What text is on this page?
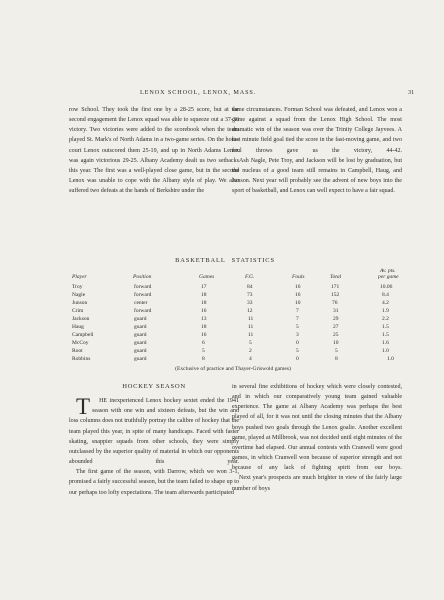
LENOX SCHOOL, LENOX, MASS.	31

row School. They took the first one by a 28-25 score, but at the second engagement the Lenox squad was able to squeeze out a 37-36 victory. Two victories were added to the scorebook when the team played St. Mark's of North Adams in a two-game series. On the home court Lenox outscored them 25-19, and up in North Adams Lenox was again victorious 29-25. Albany Academy dealt us two setbacks this year. The first was a well-played close game, but in the second Lenox was unable to cope with the Albany style of play. We also suffered two defeats at the hands of Berkshire under the

same circumstances. Forman School was defeated, and Lenox won a game against a squad from the Lenox High School. The most dramatic win of the season was over the Trinity College Jayvees. A last minute field goal tied the score in the fast-moving game, and two foul throws gave us the victory, 44-42.

Ash Nagle, Pete Troy, and Jackson will be lost by graduation, but the nucleus of a good team still remains in Campbell, Haug, and Junson. Next year will probably see the advent of new boys into the sport of basketball, and Lenox can well expect to have a fair squad.

BASKETBALL STATISTICS
Player	Position	Games	F.G.	Fouls	Total
Av. pts.
per game
Troy	forward	17	84	16	171	10.06
Nagle	forward	18	73	16	152	8.4
Junson	center	18	33	10	76	4.2
Crim	forward	16	12	7	31	1.9
Jackson	guard	13	11	7	29	2.2
Haug	guard	18	11	5	27	1.5
Campbell	guard	16	11	3	25	1.5
McCoy	guard	6	5	0	10	1.6
Root	guard	5	2	5	5	1.0
Robbins	guard	8	4	0	8	1.0
(Exclusive of practice and Thayer-Griswold games)

HOCKEY SEASON

T HE inexperienced Lenox hockey sextet ended the 1941 season with one win and sixteen defeats, but the win and loss columns does not truthfully portray the calibre of hockey that the team played this year, in spite of many handicaps. Faced with faster skating, snappier squads from other schools, they were simply outclassed by the superior quality of material in which our opponents abounded this year.

The first game of the season, with Darrow, which we won 3-1, promised a fairly successful season, but the team failed to shape up to our perhaps too lofty expectations. The team afterwards participated

in several fine exhibitions of hockey which were closely contested, and in which our comparatively young team gained valuable experience. The game at Albany Academy was perhaps the best played of all, for it was not until the closing minutes that the Albany boys pushed two goals through the Lenox goalie. Another excellent game, played at Millbrook, was not decided until eight minutes of the overtime had elapsed. Our annual contests with Cranwell were good games, in which Cranwell won because of superior strength and not because of any lack of fighting spirit from our boys.

Next year's prospects are much brighter in view of the fairly large number of boys
